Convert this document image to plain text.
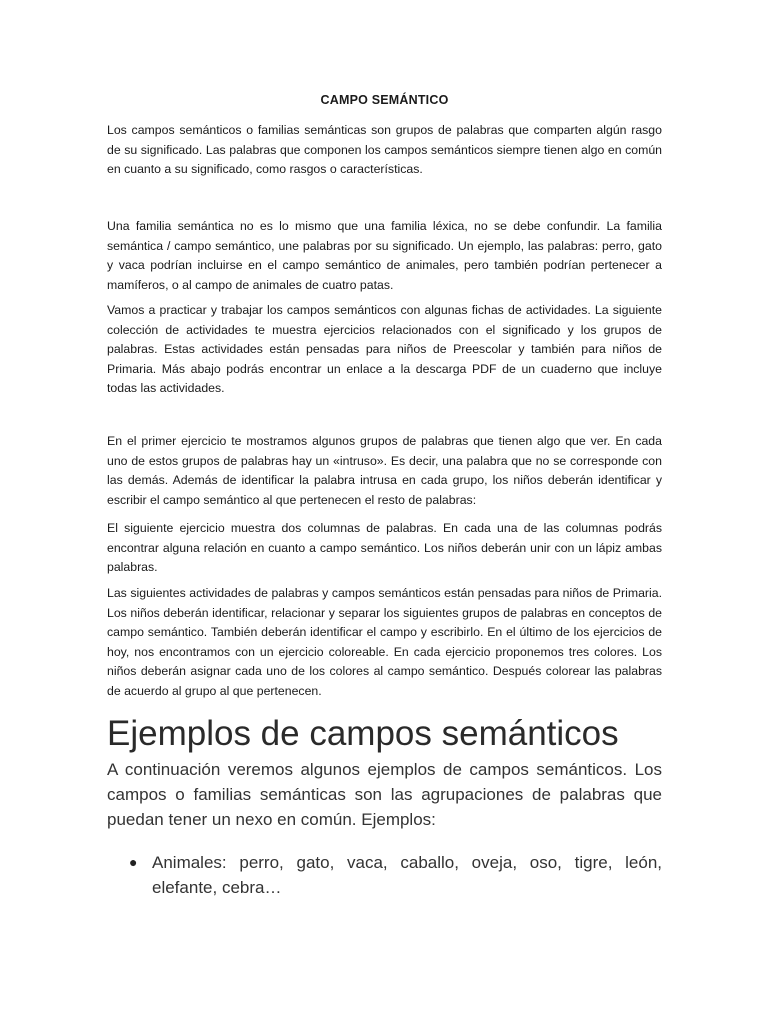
CAMPO SEMÁNTICO

Los campos semánticos o familias semánticas son grupos de palabras que comparten algún rasgo de su significado. Las palabras que componen los campos semánticos siempre tienen algo en común en cuanto a su significado, como rasgos o características.

Una familia semántica no es lo mismo que una familia léxica, no se debe confundir. La familia semántica / campo semántico, une palabras por su significado. Un ejemplo, las palabras: perro, gato y vaca podrían incluirse en el campo semántico de animales, pero también podrían pertenecer a mamíferos, o al campo de animales de cuatro patas.

Vamos a practicar y trabajar los campos semánticos con algunas fichas de actividades. La siguiente colección de actividades te muestra ejercicios relacionados con el significado y los grupos de palabras. Estas actividades están pensadas para niños de Preescolar y también para niños de Primaria. Más abajo podrás encontrar un enlace a la descarga PDF de un cuaderno que incluye todas las actividades.

En el primer ejercicio te mostramos algunos grupos de palabras que tienen algo que ver. En cada uno de estos grupos de palabras hay un «intruso». Es decir, una palabra que no se corresponde con las demás. Además de identificar la palabra intrusa en cada grupo, los niños deberán identificar y escribir el campo semántico al que pertenecen el resto de palabras:

El siguiente ejercicio muestra dos columnas de palabras. En cada una de las columnas podrás encontrar alguna relación en cuanto a campo semántico. Los niños deberán unir con un lápiz ambas palabras.

Las siguientes actividades de palabras y campos semánticos están pensadas para niños de Primaria. Los niños deberán identificar, relacionar y separar los siguientes grupos de palabras en conceptos de campo semántico. También deberán identificar el campo y escribirlo. En el último de los ejercicios de hoy, nos encontramos con un ejercicio coloreable. En cada ejercicio proponemos tres colores. Los niños deberán asignar cada uno de los colores al campo semántico. Después colorear las palabras de acuerdo al grupo al que pertenecen.

Ejemplos de campos semánticos

A continuación veremos algunos ejemplos de campos semánticos. Los campos o familias semánticas son las agrupaciones de palabras que puedan tener un nexo en común. Ejemplos:

● Animales: perro, gato, vaca, caballo, oveja, oso, tigre, león, elefante, cebra…
